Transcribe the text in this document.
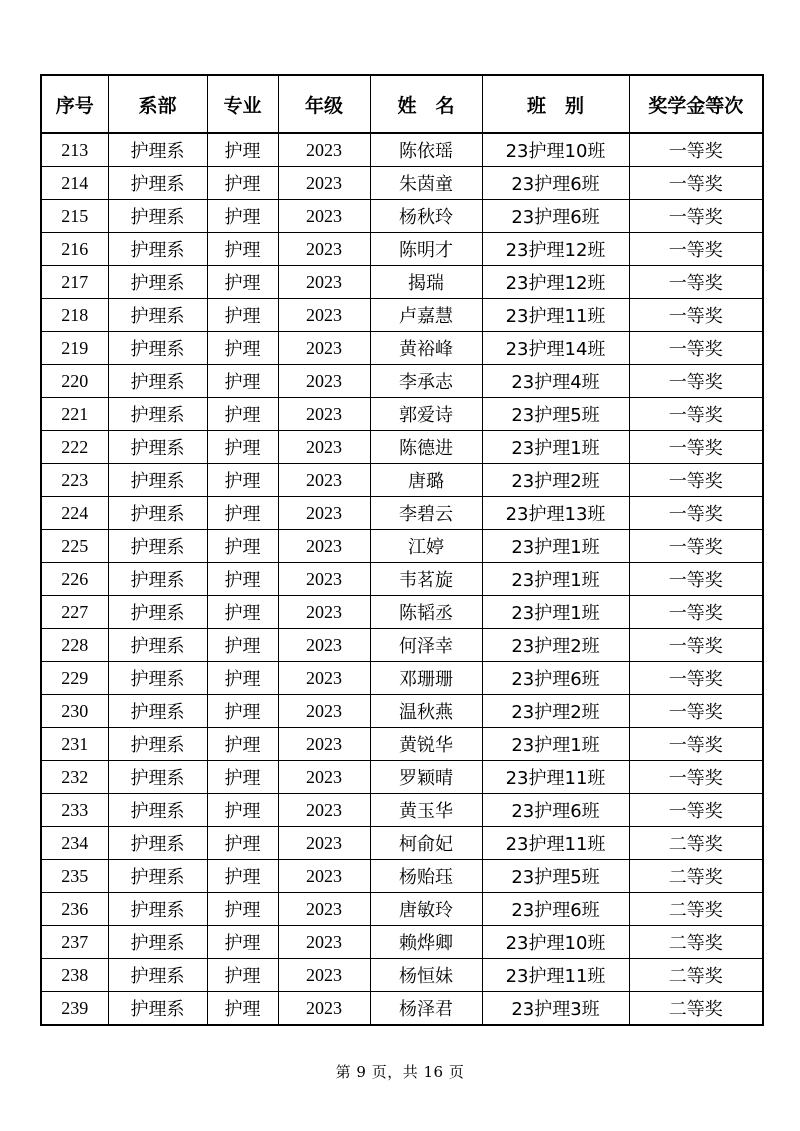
序号	系部	专业	年级	姓　名	班　别	奖学金等次
213	护理系	护理	2023	陈依瑶	23护理10班	一等奖
214	护理系	护理	2023	朱茵童	23护理6班	一等奖
215	护理系	护理	2023	杨秋玲	23护理6班	一等奖
216	护理系	护理	2023	陈明才	23护理12班	一等奖
217	护理系	护理	2023	揭瑞	23护理12班	一等奖
218	护理系	护理	2023	卢嘉慧	23护理11班	一等奖
219	护理系	护理	2023	黄裕峰	23护理14班	一等奖
220	护理系	护理	2023	李承志	23护理4班	一等奖
221	护理系	护理	2023	郭爱诗	23护理5班	一等奖
222	护理系	护理	2023	陈德进	23护理1班	一等奖
223	护理系	护理	2023	唐璐	23护理2班	一等奖
224	护理系	护理	2023	李碧云	23护理13班	一等奖
225	护理系	护理	2023	江婷	23护理1班	一等奖
226	护理系	护理	2023	韦茗旋	23护理1班	一等奖
227	护理系	护理	2023	陈韬丞	23护理1班	一等奖
228	护理系	护理	2023	何泽幸	23护理2班	一等奖
229	护理系	护理	2023	邓珊珊	23护理6班	一等奖
230	护理系	护理	2023	温秋燕	23护理2班	一等奖
231	护理系	护理	2023	黄锐华	23护理1班	一等奖
232	护理系	护理	2023	罗颖晴	23护理11班	一等奖
233	护理系	护理	2023	黄玉华	23护理6班	一等奖
234	护理系	护理	2023	柯俞妃	23护理11班	二等奖
235	护理系	护理	2023	杨贻珏	23护理5班	二等奖
236	护理系	护理	2023	唐敏玲	23护理6班	二等奖
237	护理系	护理	2023	赖烨卿	23护理10班	二等奖
238	护理系	护理	2023	杨恒妹	23护理11班	二等奖
239	护理系	护理	2023	杨泽君	23护理3班	二等奖
第 9 页，共 16 页
